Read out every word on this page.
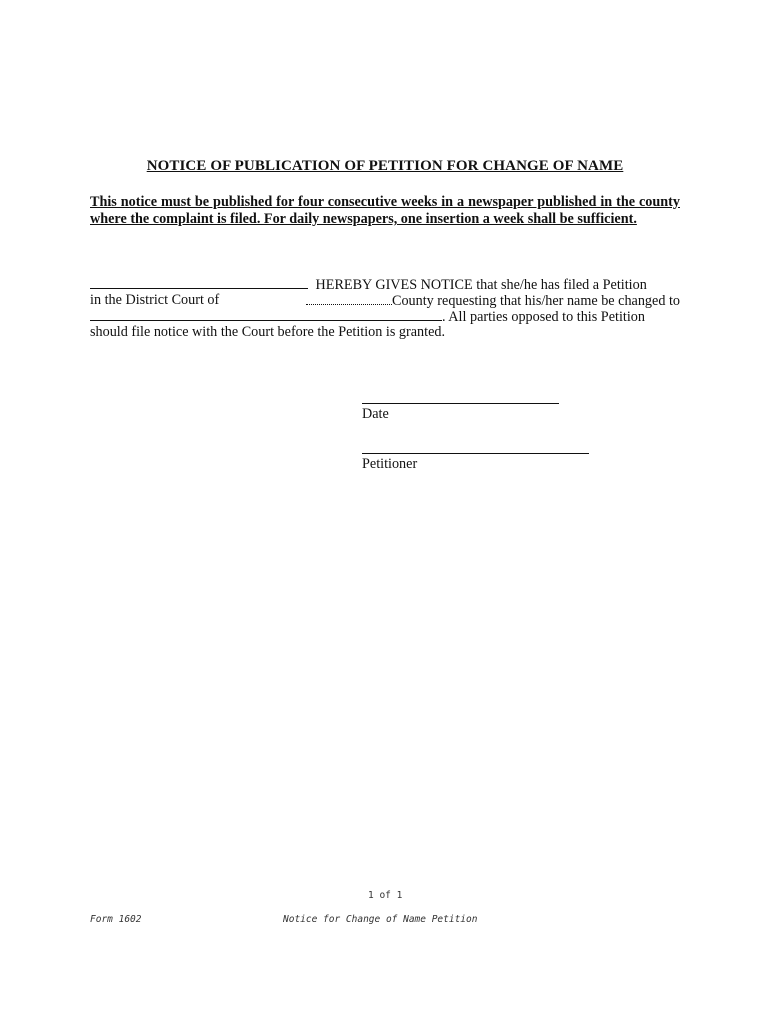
NOTICE OF PUBLICATION OF PETITION FOR CHANGE OF NAME
This notice must be published for four consecutive weeks in a newspaper published in the county where the complaint is filed. For daily newspapers, one insertion a week shall be sufficient.
HEREBY GIVES NOTICE that she/he has filed a Petition
in the District Court of	County requesting that his/her name be changed to
. All parties opposed to this Petition
should file notice with the Court before the Petition is granted.
Date
Petitioner
1 of 1
Form 1602	Notice for Change of Name Petition
